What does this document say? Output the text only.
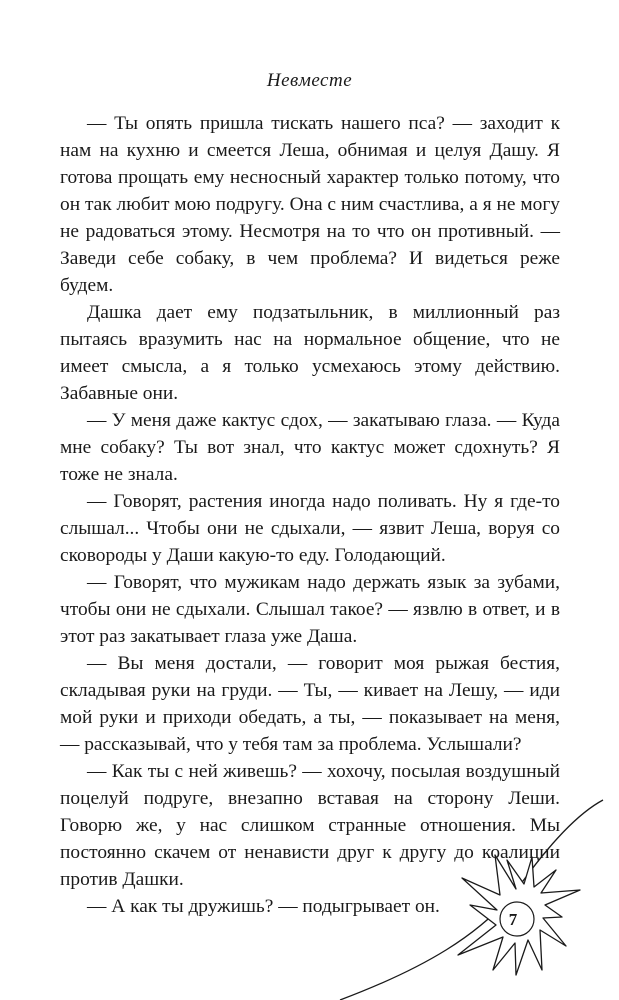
Невместе

— Ты опять пришла тискать нашего пса? — заходит к нам на кухню и смеется Леша, обнимая и целуя Дашу. Я готова прощать ему несносный характер только потому, что он так любит мою подругу. Она с ним счастлива, а я не могу не радоваться этому. Несмотря на то что он противный. — Заведи себе собаку, в чем проблема? И видеться реже будем.

Дашка дает ему подзатыльник, в миллионный раз пытаясь вразумить нас на нормальное общение, что не имеет смысла, а я только усмехаюсь этому действию. Забавные они.

— У меня даже кактус сдох, — закатываю глаза. — Куда мне собаку? Ты вот знал, что кактус может сдохнуть? Я тоже не знала.

— Говорят, растения иногда надо поливать. Ну я где-то слышал... Чтобы они не сдыхали, — язвит Леша, воруя со сковороды у Даши какую-то еду. Голодающий.

— Говорят, что мужикам надо держать язык за зубами, чтобы они не сдыхали. Слышал такое? — язвлю в ответ, и в этот раз закатывает глаза уже Даша.

— Вы меня достали, — говорит моя рыжая бестия, складывая руки на груди. — Ты, — кивает на Лешу, — иди мой руки и приходи обедать, а ты, — показывает на меня, — рассказывай, что у тебя там за проблема. Услышали?

— Как ты с ней живешь? — хохочу, посылая воздушный поцелуй подруге, внезапно вставая на сторону Леши. Говорю же, у нас слишком странные отношения. Мы постоянно скачем от ненависти друг к другу до коалиции против Дашки.

— А как ты дружишь? — подыгрывает он.

7
